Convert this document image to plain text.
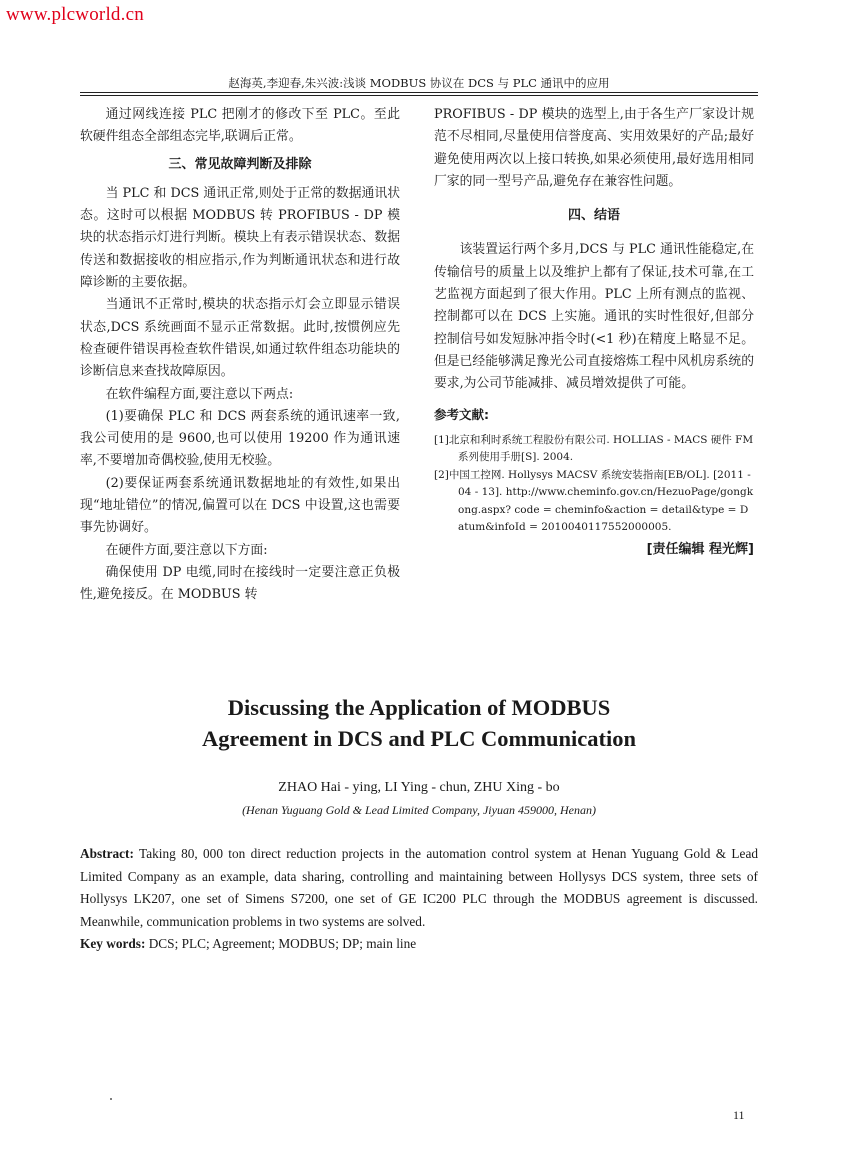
www.plcworld.cn
赵海英,李迎春,朱兴波:浅谈 MODBUS 协议在 DCS 与 PLC 通讯中的应用

通过网线连接 PLC 把刚才的修改下至 PLC。至此软硬件组态全部组态完毕,联调后正常。

三、常见故障判断及排除

当 PLC 和 DCS 通讯正常,则处于正常的数据通讯状态。这时可以根据 MODBUS 转 PROFIBUS - DP 模块的状态指示灯进行判断。模块上有表示错误状态、数据传送和数据接收的相应指示,作为判断通讯状态和进行故障诊断的主要依据。

当通讯不正常时,模块的状态指示灯会立即显示错误状态,DCS 系统画面不显示正常数据。此时,按惯例应先检查硬件错误再检查软件错误,如通过软件组态功能块的诊断信息来查找故障原因。

在软件编程方面,要注意以下两点:

(1)要确保 PLC 和 DCS 两套系统的通讯速率一致,我公司使用的是 9600,也可以使用 19200 作为通讯速率,不要增加奇偶校验,使用无校验。

(2)要保证两套系统通讯数据地址的有效性,如果出现“地址错位”的情况,偏置可以在 DCS 中设置,这也需要事先协调好。

在硬件方面,要注意以下方面:

确保使用 DP 电缆,同时在接线时一定要注意正负极性,避免接反。在 MODBUS 转

PROFIBUS - DP 模块的选型上,由于各生产厂家设计规范不尽相同,尽量使用信誉度高、实用效果好的产品;最好避免使用两次以上接口转换,如果必须使用,最好选用相同厂家的同一型号产品,避免存在兼容性问题。

四、结语

该装置运行两个多月,DCS 与 PLC 通讯性能稳定,在传输信号的质量上以及维护上都有了保证,技术可靠,在工艺监视方面起到了很大作用。PLC 上所有测点的监视、控制都可以在 DCS 上实施。通讯的实时性很好,但部分控制信号如发短脉冲指令时(<1 秒)在精度上略显不足。但是已经能够满足豫光公司直接熔炼工程中风机房系统的要求,为公司节能减排、减员增效提供了可能。

参考文献:
[1]北京和利时系统工程股份有限公司. HOLLIAS - MACS 硬件 FM 系列使用手册[S]. 2004.
[2]中国工控网. Hollysys MACSV 系统安装指南[EB/OL]. [2011 - 04 - 13]. http://www.cheminfo.gov.cn/HezuoPage/gongkong.aspx? code = cheminfo&action = detail&type = Datum&infoId = 2010040117552000005.
[责任编辑 程光辉]
Discussing the Application of MODBUS
Agreement in DCS and PLC Communication
ZHAO Hai - ying, LI Ying - chun, ZHU Xing - bo
(Henan Yuguang Gold & Lead Limited Company, Jiyuan 459000, Henan)
Abstract: Taking 80, 000 ton direct reduction projects in the automation control system at Henan Yuguang Gold & Lead Limited Company as an example, data sharing, controlling and maintaining between Hollysys DCS system, three sets of Hollysys LK207, one set of Simens S7200, one set of GE IC200 PLC through the MODBUS agreement is discussed. Meanwhile, communication problems in two systems are solved.
Key words: DCS; PLC; Agreement; MODBUS; DP; main line
11
